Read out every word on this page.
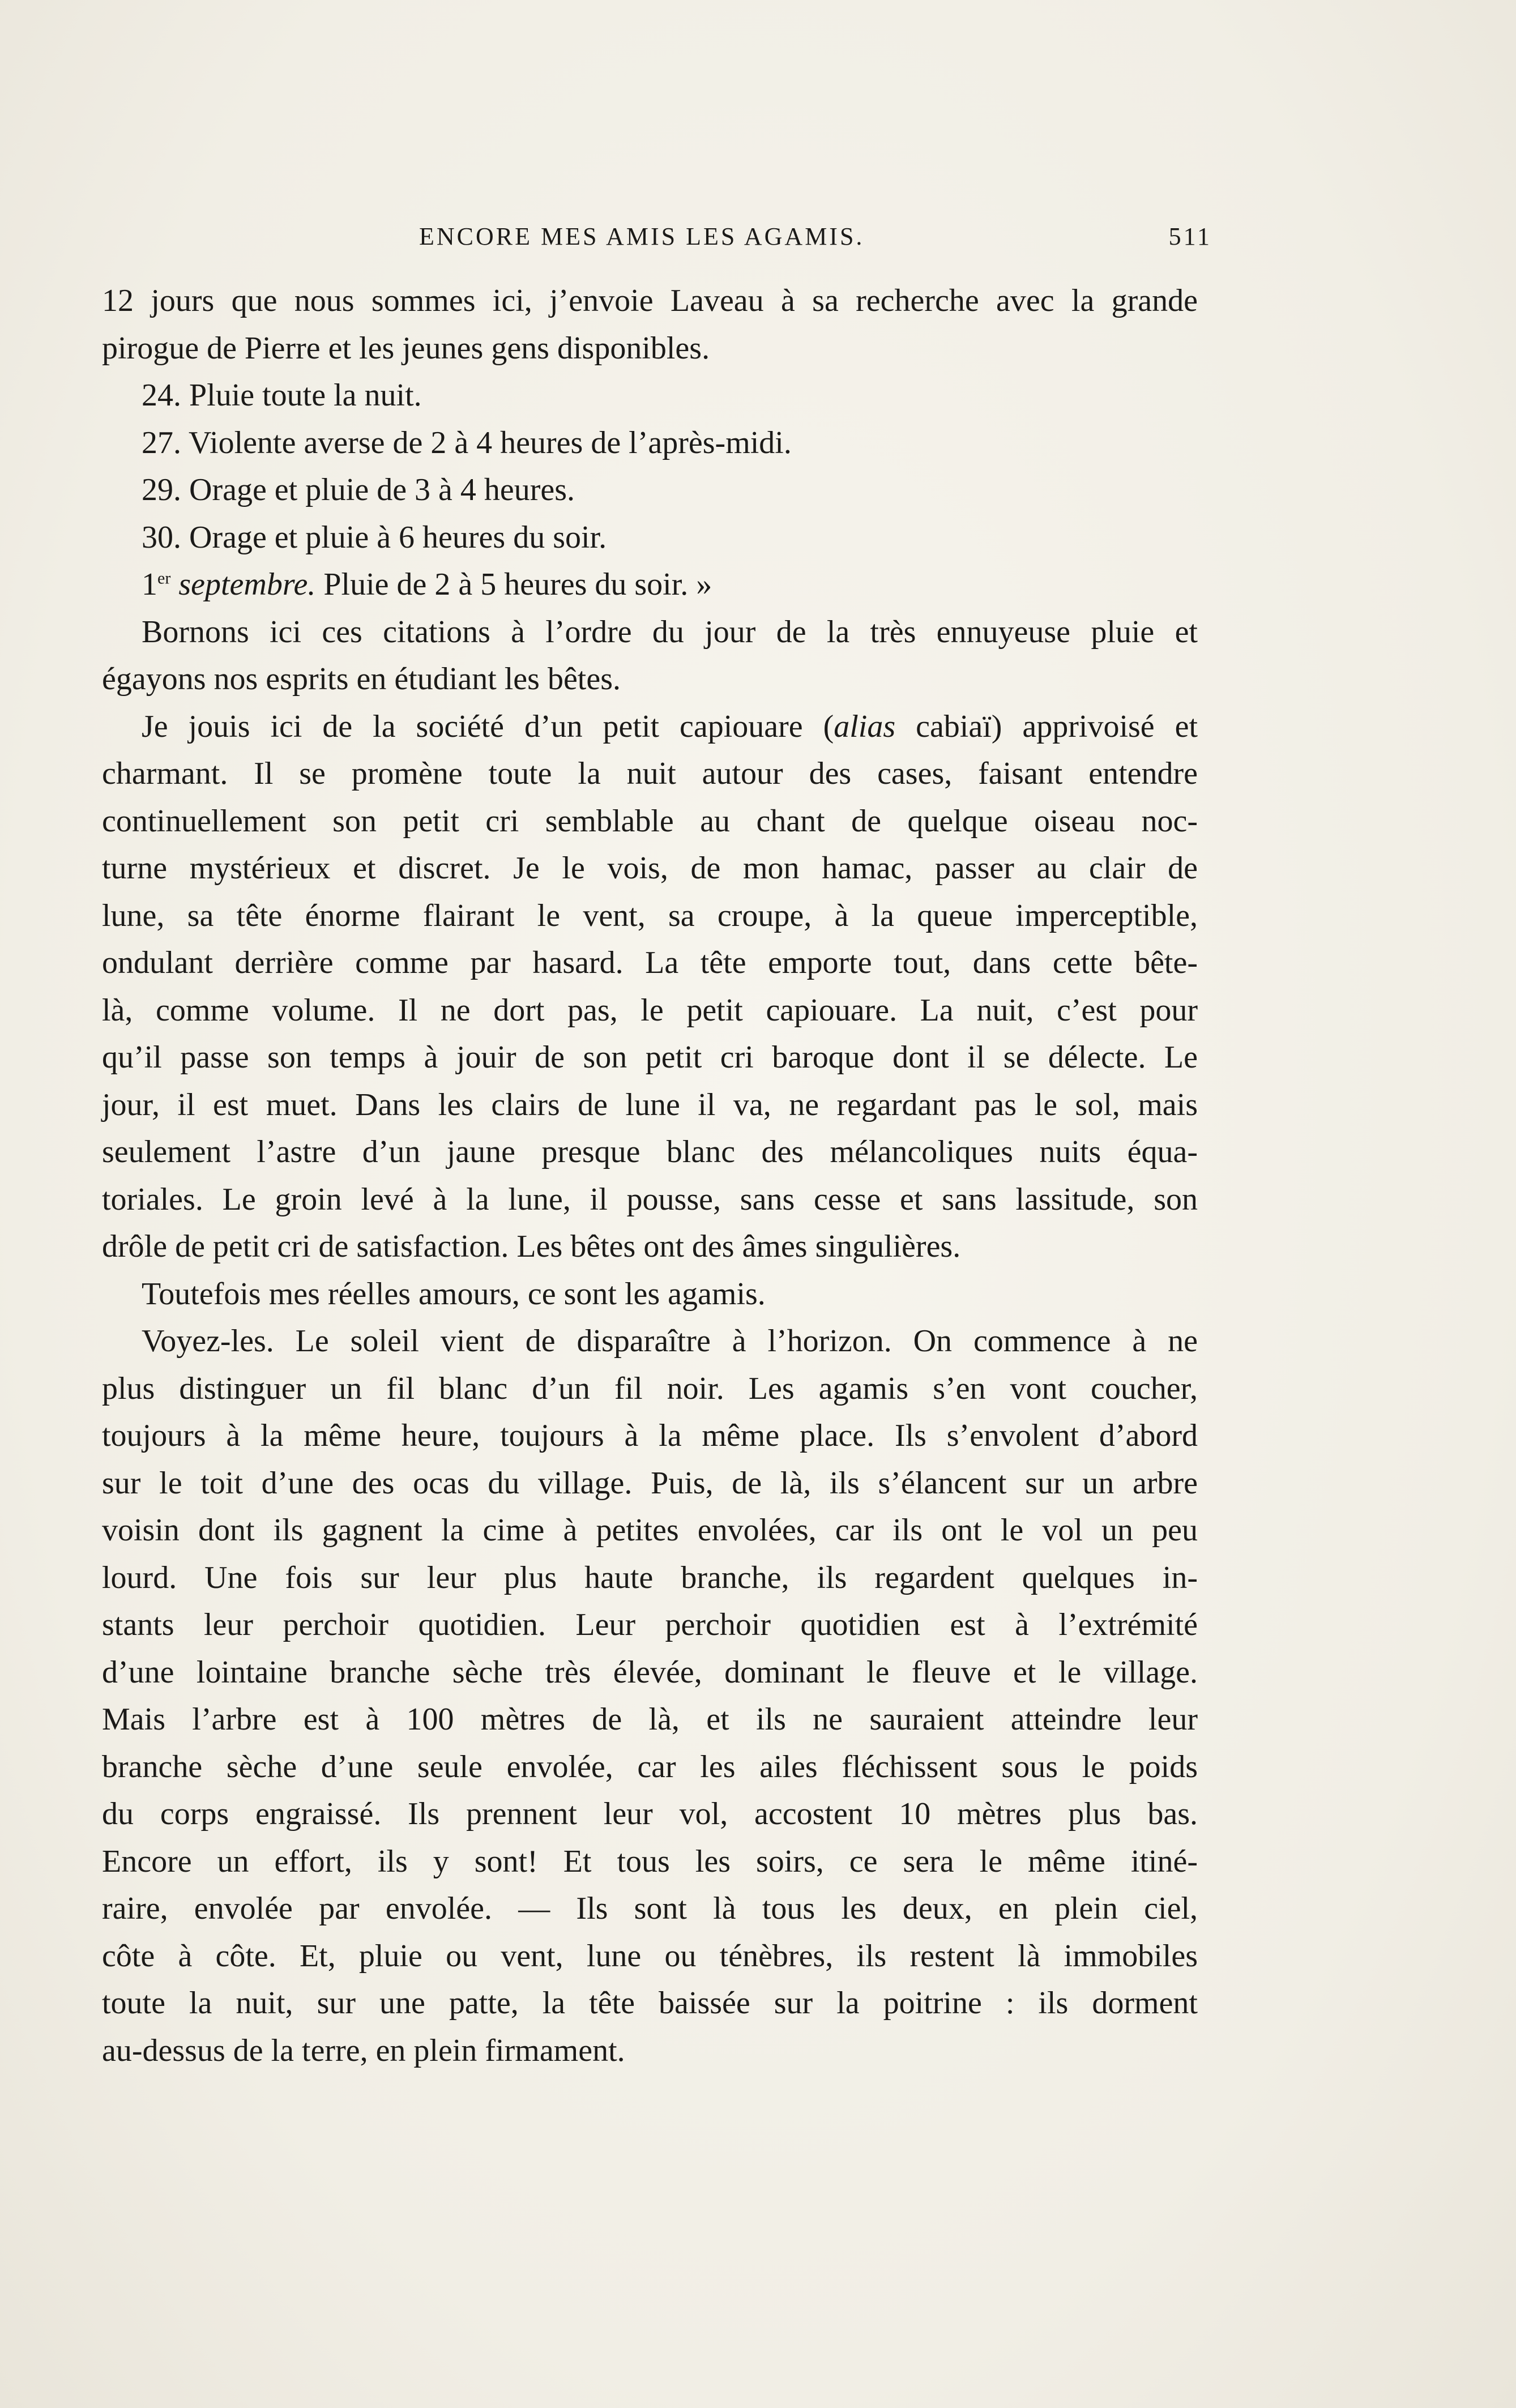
ENCORE MES AMIS LES AGAMIS.	511
12 jours que nous sommes ici, j’envoie Laveau à sa recherche avec la grande
pirogue de Pierre et les jeunes gens disponibles.
24. Pluie toute la nuit.
27. Violente averse de 2 à 4 heures de l’après-midi.
29. Orage et pluie de 3 à 4 heures.
30. Orage et pluie à 6 heures du soir.
1er septembre. Pluie de 2 à 5 heures du soir. »
Bornons ici ces citations à l’ordre du jour de la très ennuyeuse pluie et
égayons nos esprits en étudiant les bêtes.
Je jouis ici de la société d’un petit capiouare (alias cabiaï) apprivoisé et
charmant. Il se promène toute la nuit autour des cases, faisant entendre
continuellement son petit cri semblable au chant de quelque oiseau noc-
turne mystérieux et discret. Je le vois, de mon hamac, passer au clair de
lune, sa tête énorme flairant le vent, sa croupe, à la queue imperceptible,
ondulant derrière comme par hasard. La tête emporte tout, dans cette bête-
là, comme volume. Il ne dort pas, le petit capiouare. La nuit, c’est pour
qu’il passe son temps à jouir de son petit cri baroque dont il se délecte. Le
jour, il est muet. Dans les clairs de lune il va, ne regardant pas le sol, mais
seulement l’astre d’un jaune presque blanc des mélancoliques nuits équa-
toriales. Le groin levé à la lune, il pousse, sans cesse et sans lassitude, son
drôle de petit cri de satisfaction. Les bêtes ont des âmes singulières.
Toutefois mes réelles amours, ce sont les agamis.
Voyez-les. Le soleil vient de disparaître à l’horizon. On commence à ne
plus distinguer un fil blanc d’un fil noir. Les agamis s’en vont coucher,
toujours à la même heure, toujours à la même place. Ils s’envolent d’abord
sur le toit d’une des ocas du village. Puis, de là, ils s’élancent sur un arbre
voisin dont ils gagnent la cime à petites envolées, car ils ont le vol un peu
lourd. Une fois sur leur plus haute branche, ils regardent quelques in-
stants leur perchoir quotidien. Leur perchoir quotidien est à l’extrémité
d’une lointaine branche sèche très élevée, dominant le fleuve et le village.
Mais l’arbre est à 100 mètres de là, et ils ne sauraient atteindre leur
branche sèche d’une seule envolée, car les ailes fléchissent sous le poids
du corps engraissé. Ils prennent leur vol, accostent 10 mètres plus bas.
Encore un effort, ils y sont! Et tous les soirs, ce sera le même itiné-
raire, envolée par envolée. — Ils sont là tous les deux, en plein ciel,
côte à côte. Et, pluie ou vent, lune ou ténèbres, ils restent là immobiles
toute la nuit, sur une patte, la tête baissée sur la poitrine : ils dorment
au-dessus de la terre, en plein firmament.
